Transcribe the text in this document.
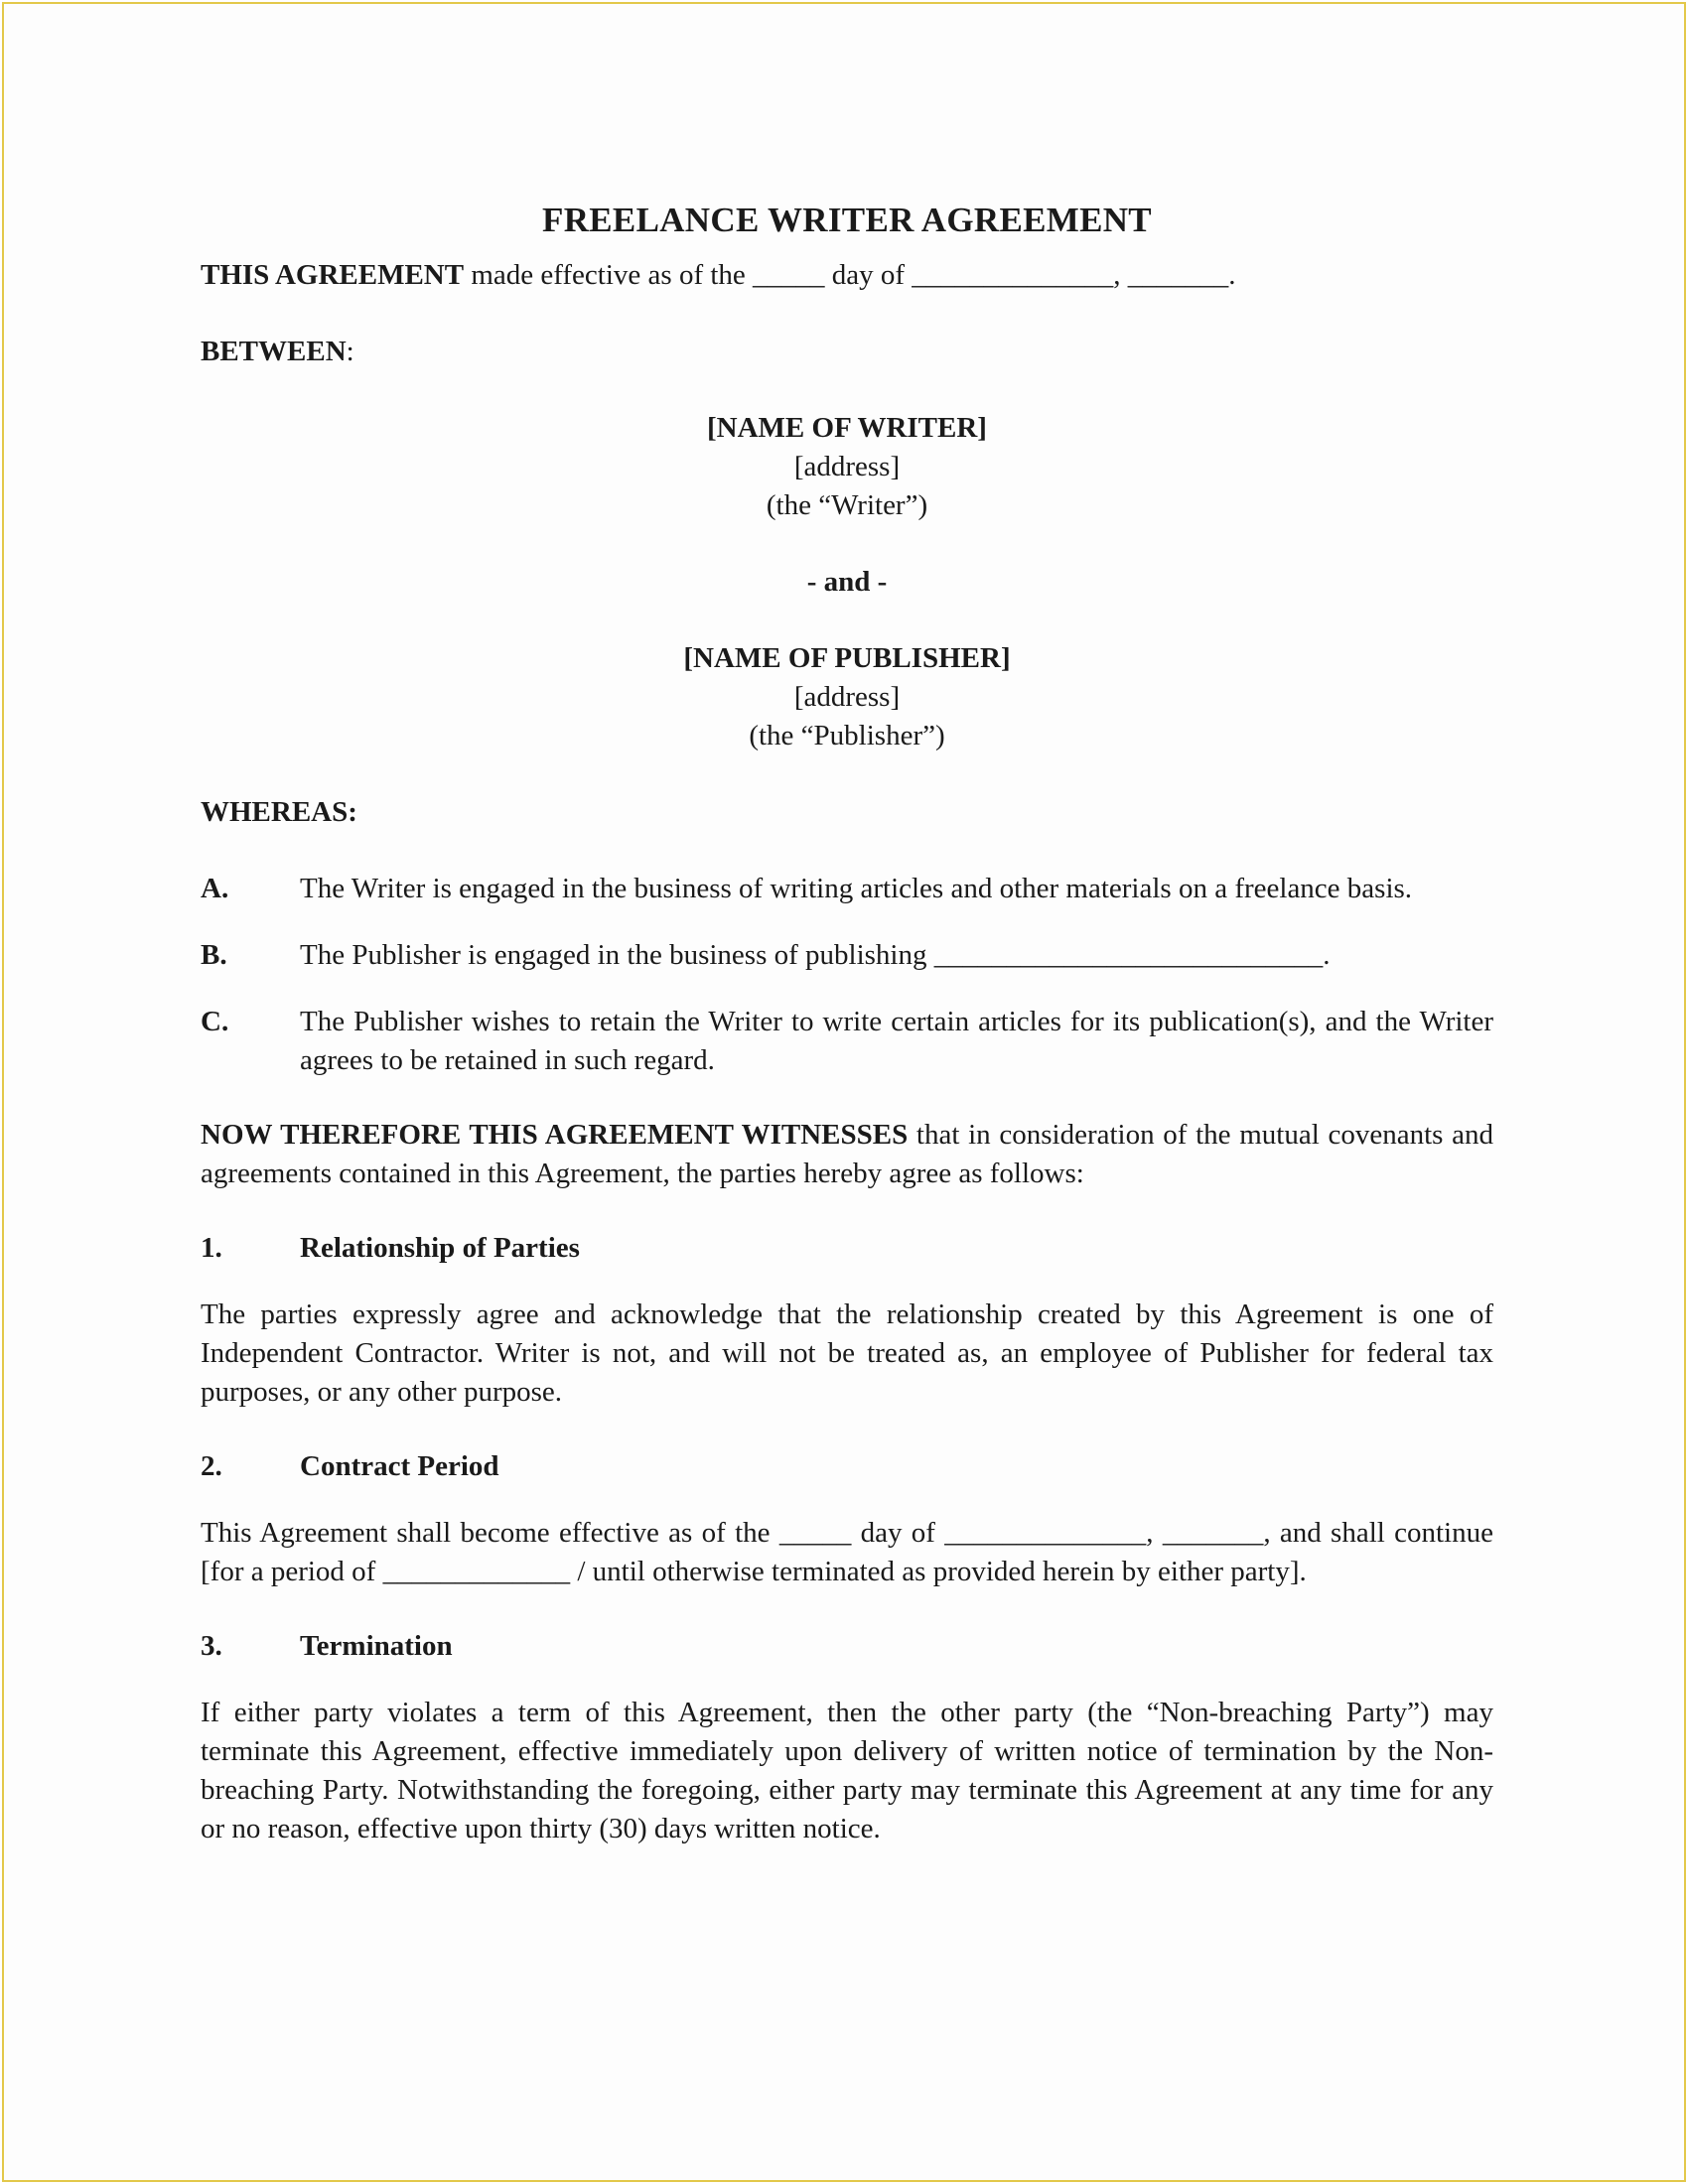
FREELANCE WRITER AGREEMENT

THIS AGREEMENT made effective as of the _____ day of ______________, _______.

BETWEEN:

[NAME OF WRITER]
[address]
(the “Writer”)
- and -
[NAME OF PUBLISHER]
[address]
(the “Publisher”)

WHEREAS:

A.	The Writer is engaged in the business of writing articles and other materials on a freelance basis.
B.	The Publisher is engaged in the business of publishing ___________________________.
C.	The Publisher wishes to retain the Writer to write certain articles for its publication(s), and the Writer agrees to be retained in such regard.

NOW THEREFORE THIS AGREEMENT WITNESSES that in consideration of the mutual covenants and agreements contained in this Agreement, the parties hereby agree as follows:

1.	Relationship of Parties

The parties expressly agree and acknowledge that the relationship created by this Agreement is one of Independent Contractor. Writer is not, and will not be treated as, an employee of Publisher for federal tax purposes, or any other purpose.

2.	Contract Period

This Agreement shall become effective as of the _____ day of ______________, _______, and shall continue [for a period of _____________ / until otherwise terminated as provided herein by either party].

3.	Termination

If either party violates a term of this Agreement, then the other party (the “Non-breaching Party”) may terminate this Agreement, effective immediately upon delivery of written notice of termination by the Non-breaching Party. Notwithstanding the foregoing, either party may terminate this Agreement at any time for any or no reason, effective upon thirty (30) days written notice.
